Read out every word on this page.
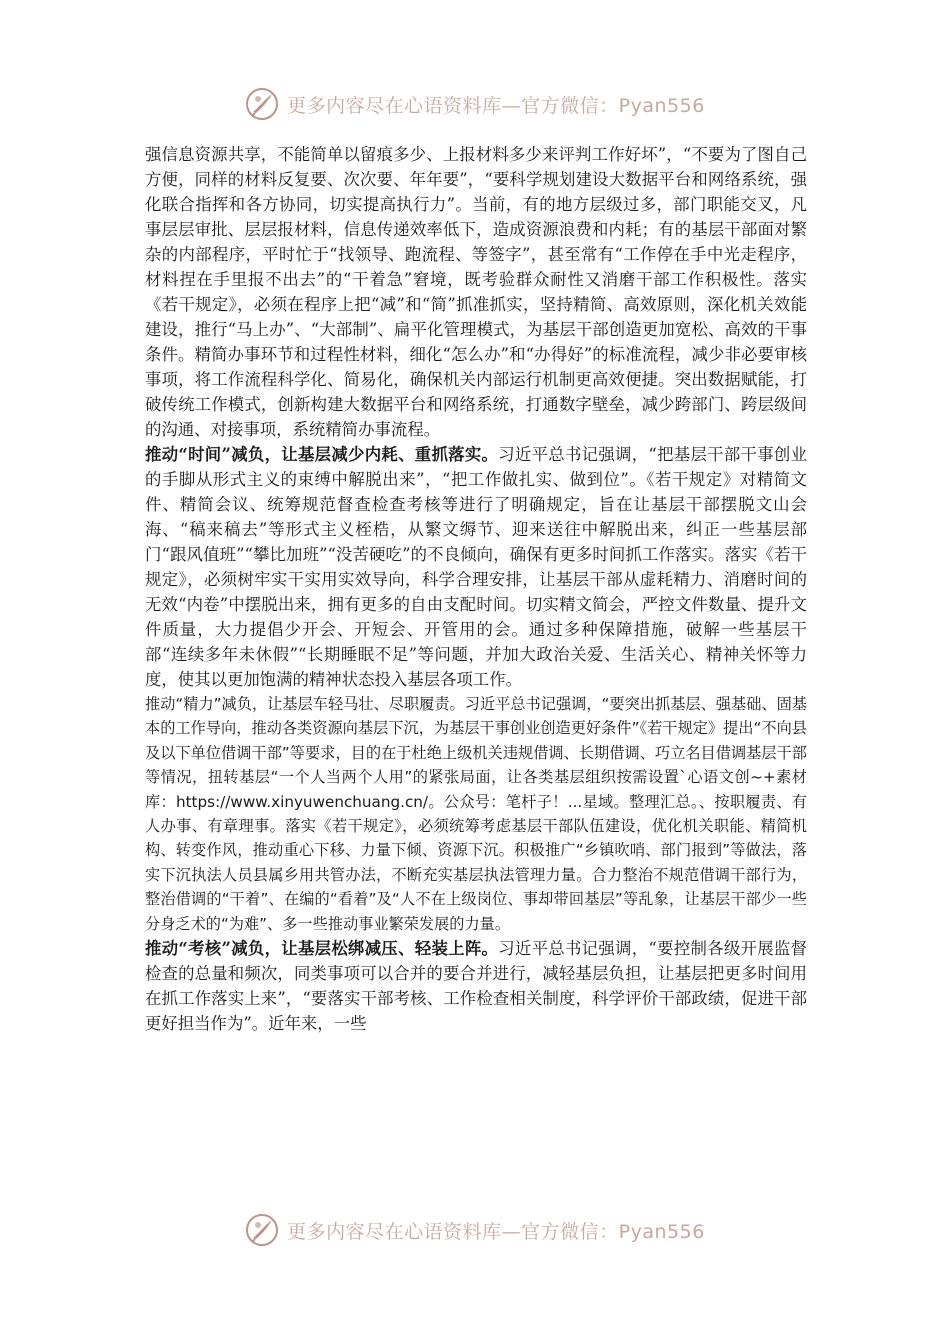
更多内容尽在心语资料库—官方微信：Pyan556

强信息资源共享，不能简单以留痕多少、上报材料多少来评判工作好坏”，“不要为了图自己方便，同样的材料反复要、次次要、年年要”，“要科学规划建设大数据平台和网络系统，强化联合指挥和各方协同，切实提高执行力”。当前，有的地方层级过多，部门职能交叉，凡事层层审批、层层报材料，信息传递效率低下，造成资源浪费和内耗；有的基层干部面对繁杂的内部程序，平时忙于“找领导、跑流程、等签字”，甚至常有“工作停在手中光走程序，材料捏在手里报不出去”的“干着急”窘境，既考验群众耐性又消磨干部工作积极性。落实《若干规定》，必须在程序上把“减”和“简”抓准抓实，坚持精简、高效原则，深化机关效能建设，推行“马上办”、“大部制”、扁平化管理模式，为基层干部创造更加宽松、高效的干事条件。精简办事环节和过程性材料，细化“怎么办”和“办得好”的标准流程，减少非必要审核事项，将工作流程科学化、简易化，确保机关内部运行机制更高效便捷。突出数据赋能，打破传统工作模式，创新构建大数据平台和网络系统，打通数字壁垒，减少跨部门、跨层级间的沟通、对接事项，系统精简办事流程。

推动“时间”减负，让基层减少内耗、重抓落实。习近平总书记强调，“把基层干部干事创业的手脚从形式主义的束缚中解脱出来”，“把工作做扎实、做到位”。《若干规定》对精简文件、精简会议、统筹规范督查检查考核等进行了明确规定，旨在让基层干部摆脱文山会海、“稿来稿去”等形式主义桎梏，从繁文缛节、迎来送往中解脱出来，纠正一些基层部门“跟风值班”“攀比加班”“没苦硬吃”的不良倾向，确保有更多时间抓工作落实。落实《若干规定》，必须树牢实干实用实效导向，科学合理安排，让基层干部从虚耗精力、消磨时间的无效“内卷”中摆脱出来，拥有更多的自由支配时间。切实精文简会，严控文件数量、提升文件质量，大力提倡少开会、开短会、开管用的会。通过多种保障措施，破解一些基层干部“连续多年未休假”“长期睡眠不足”等问题，并加大政治关爱、生活关心、精神关怀等力度，使其以更加饱满的精神状态投入基层各项工作。

推动“精力”减负，让基层车轻马壮、尽职履责。习近平总书记强调，“要突出抓基层、强基础、固基本的工作导向，推动各类资源向基层下沉，为基层干事创业创造更好条件”《若干规定》提出“不向县及以下单位借调干部”等要求，目的在于杜绝上级机关违规借调、长期借调、巧立名目借调基层干部等情况，扭转基层“一个人当两个人用”的紧张局面，让各类基层组织按需设置`心语文创~+素材库：https://www.xinyuwenchuang.cn/。公众号：笔杆子！...星域。整理汇总。、按职履责、有人办事、有章理事。落实《若干规定》，必须统筹考虑基层干部队伍建设，优化机关职能、精简机构、转变作风，推动重心下移、力量下倾、资源下沉。积极推广“乡镇吹哨、部门报到”等做法，落实下沉执法人员县属乡用共管办法，不断充实基层执法管理力量。合力整治不规范借调干部行为，整治借调的“干着”、在编的“看着”及“人不在上级岗位、事却带回基层”等乱象，让基层干部少一些分身乏术的“为难”、多一些推动事业繁荣发展的力量。

推动“考核”减负，让基层松绑减压、轻装上阵。习近平总书记强调，“要控制各级开展监督检查的总量和频次，同类事项可以合并的要合并进行，减轻基层负担，让基层把更多时间用在抓工作落实上来”，“要落实干部考核、工作检查相关制度，科学评价干部政绩，促进干部更好担当作为”。近年来，一些

更多内容尽在心语资料库—官方微信：Pyan556
